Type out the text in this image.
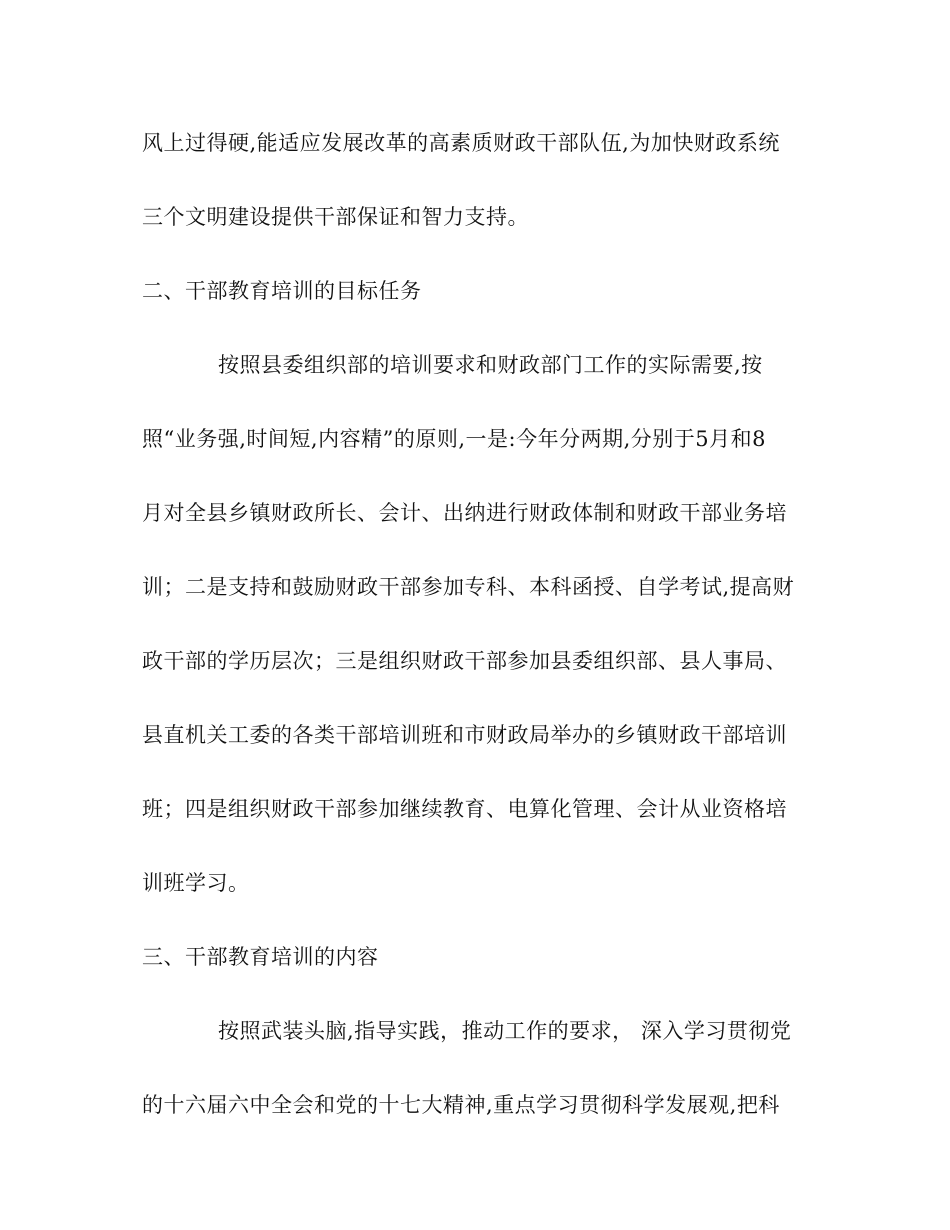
风上过得硬,能适应发展改革的高素质财政干部队伍,为加快财政系统

三个文明建设提供干部保证和智力支持。

二、干部教育培训的目标任务

按照县委组织部的培训要求和财政部门工作的实际需要,按

照“业务强,时间短,内容精”的原则,一是:今年分两期,分别于5月和8

月对全县乡镇财政所长、会计、出纳进行财政体制和财政干部业务培

训；二是支持和鼓励财政干部参加专科、本科函授、自学考试,提高财

政干部的学历层次；三是组织财政干部参加县委组织部、县人事局、

县直机关工委的各类干部培训班和市财政局举办的乡镇财政干部培训

班；四是组织财政干部参加继续教育、电算化管理、会计从业资格培

训班学习。

三、干部教育培训的内容

按照武装头脑,指导实践，推动工作的要求， 深入学习贯彻党

的十六届六中全会和党的十七大精神,重点学习贯彻科学发展观,把科
